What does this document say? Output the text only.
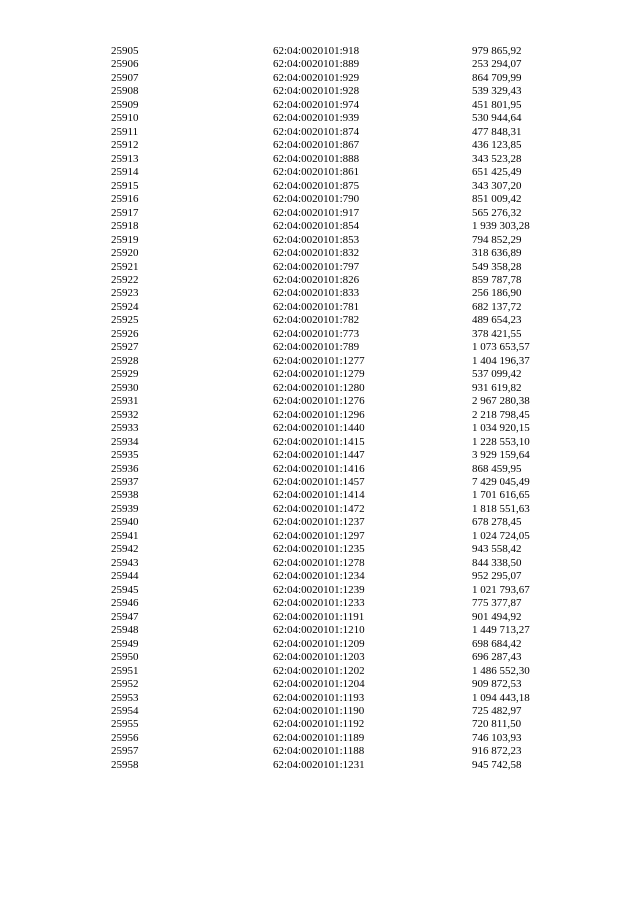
25905	62:04:0020101:918	979 865,92
25906	62:04:0020101:889	253 294,07
25907	62:04:0020101:929	864 709,99
25908	62:04:0020101:928	539 329,43
25909	62:04:0020101:974	451 801,95
25910	62:04:0020101:939	530 944,64
25911	62:04:0020101:874	477 848,31
25912	62:04:0020101:867	436 123,85
25913	62:04:0020101:888	343 523,28
25914	62:04:0020101:861	651 425,49
25915	62:04:0020101:875	343 307,20
25916	62:04:0020101:790	851 009,42
25917	62:04:0020101:917	565 276,32
25918	62:04:0020101:854	1 939 303,28
25919	62:04:0020101:853	794 852,29
25920	62:04:0020101:832	318 636,89
25921	62:04:0020101:797	549 358,28
25922	62:04:0020101:826	859 787,78
25923	62:04:0020101:833	256 186,90
25924	62:04:0020101:781	682 137,72
25925	62:04:0020101:782	489 654,23
25926	62:04:0020101:773	378 421,55
25927	62:04:0020101:789	1 073 653,57
25928	62:04:0020101:1277	1 404 196,37
25929	62:04:0020101:1279	537 099,42
25930	62:04:0020101:1280	931 619,82
25931	62:04:0020101:1276	2 967 280,38
25932	62:04:0020101:1296	2 218 798,45
25933	62:04:0020101:1440	1 034 920,15
25934	62:04:0020101:1415	1 228 553,10
25935	62:04:0020101:1447	3 929 159,64
25936	62:04:0020101:1416	868 459,95
25937	62:04:0020101:1457	7 429 045,49
25938	62:04:0020101:1414	1 701 616,65
25939	62:04:0020101:1472	1 818 551,63
25940	62:04:0020101:1237	678 278,45
25941	62:04:0020101:1297	1 024 724,05
25942	62:04:0020101:1235	943 558,42
25943	62:04:0020101:1278	844 338,50
25944	62:04:0020101:1234	952 295,07
25945	62:04:0020101:1239	1 021 793,67
25946	62:04:0020101:1233	775 377,87
25947	62:04:0020101:1191	901 494,92
25948	62:04:0020101:1210	1 449 713,27
25949	62:04:0020101:1209	698 684,42
25950	62:04:0020101:1203	696 287,43
25951	62:04:0020101:1202	1 486 552,30
25952	62:04:0020101:1204	909 872,53
25953	62:04:0020101:1193	1 094 443,18
25954	62:04:0020101:1190	725 482,97
25955	62:04:0020101:1192	720 811,50
25956	62:04:0020101:1189	746 103,93
25957	62:04:0020101:1188	916 872,23
25958	62:04:0020101:1231	945 742,58
